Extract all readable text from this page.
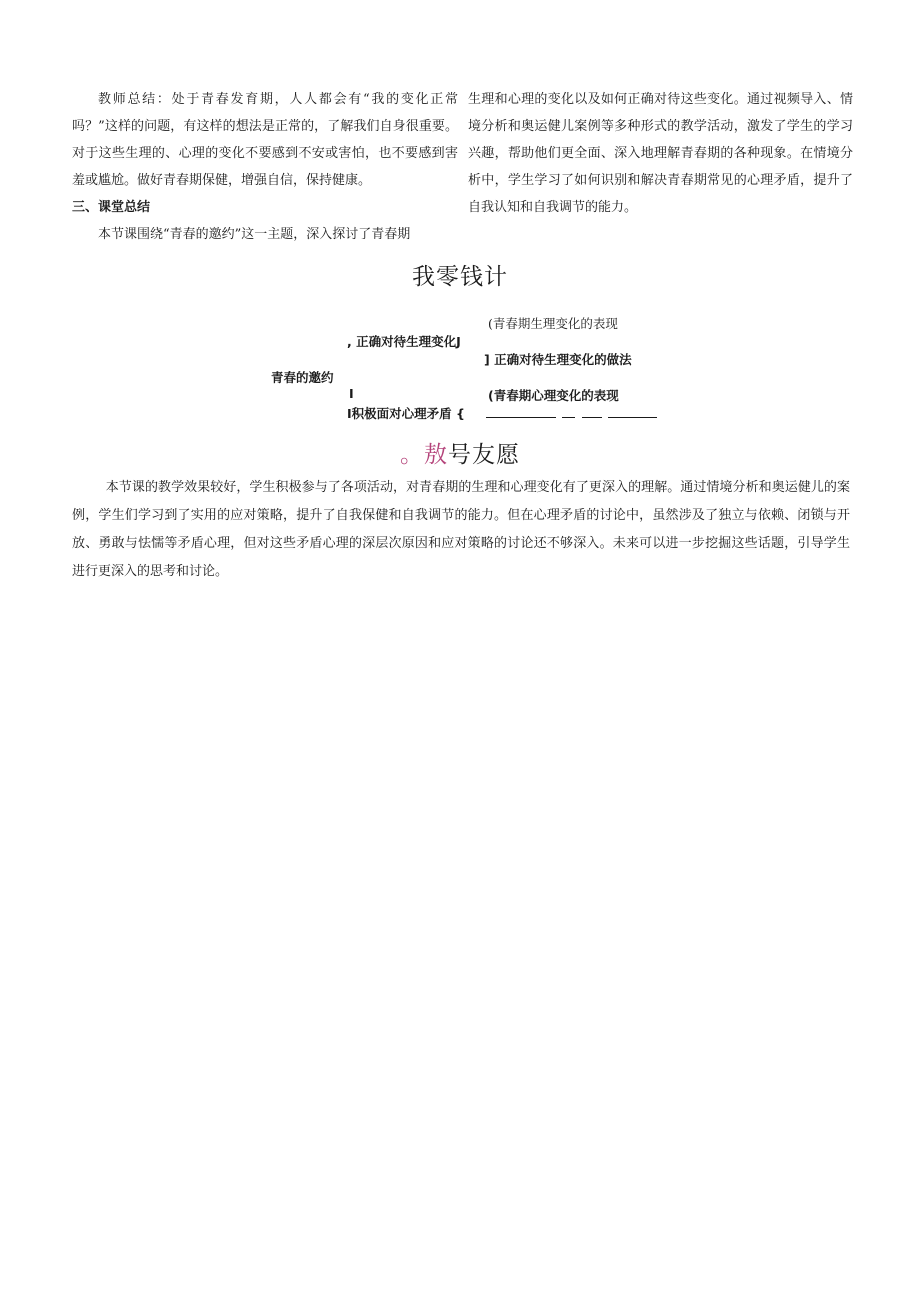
教师总结：处于青春发育期，人人都会有“我的变化正常吗？”这样的问题，有这样的想法是正常的，了解我们自身很重要。对于这些生理的、心理的变化不要感到不安或害怕，也不要感到害羞或尴尬。做好青春期保健，增强自信，保持健康。

三、课堂总结

本节课围绕“青春的邀约”这一主题，深入探讨了青春期

生理和心理的变化以及如何正确对待这些变化。通过视频导入、情境分析和奥运健儿案例等多种形式的教学活动，激发了学生的学习兴趣，帮助他们更全面、深入地理解青春期的各种现象。在情境分析中，学生学习了如何识别和解决青春期常见的心理矛盾，提升了自我认知和自我调节的能力。

我零钱计
(青春期生理变化的表现
, 正确对待生理变化J
] 正确对待生理变化的做法
青春的邀约
I	(青春期心理变化的表现
I积极面对心理矛盾 {
。敖号友愿

本节课的教学效果较好，学生积极参与了各项活动，对青春期的生理和心理变化有了更深入的理解。通过情境分析和奥运健儿的案例，学生们学习到了实用的应对策略，提升了自我保健和自我调节的能力。但在心理矛盾的讨论中，虽然涉及了独立与依赖、闭锁与开放、勇敢与怯懦等矛盾心理，但对这些矛盾心理的深层次原因和应对策略的讨论还不够深入。未来可以进一步挖掘这些话题，引导学生进行更深入的思考和讨论。
